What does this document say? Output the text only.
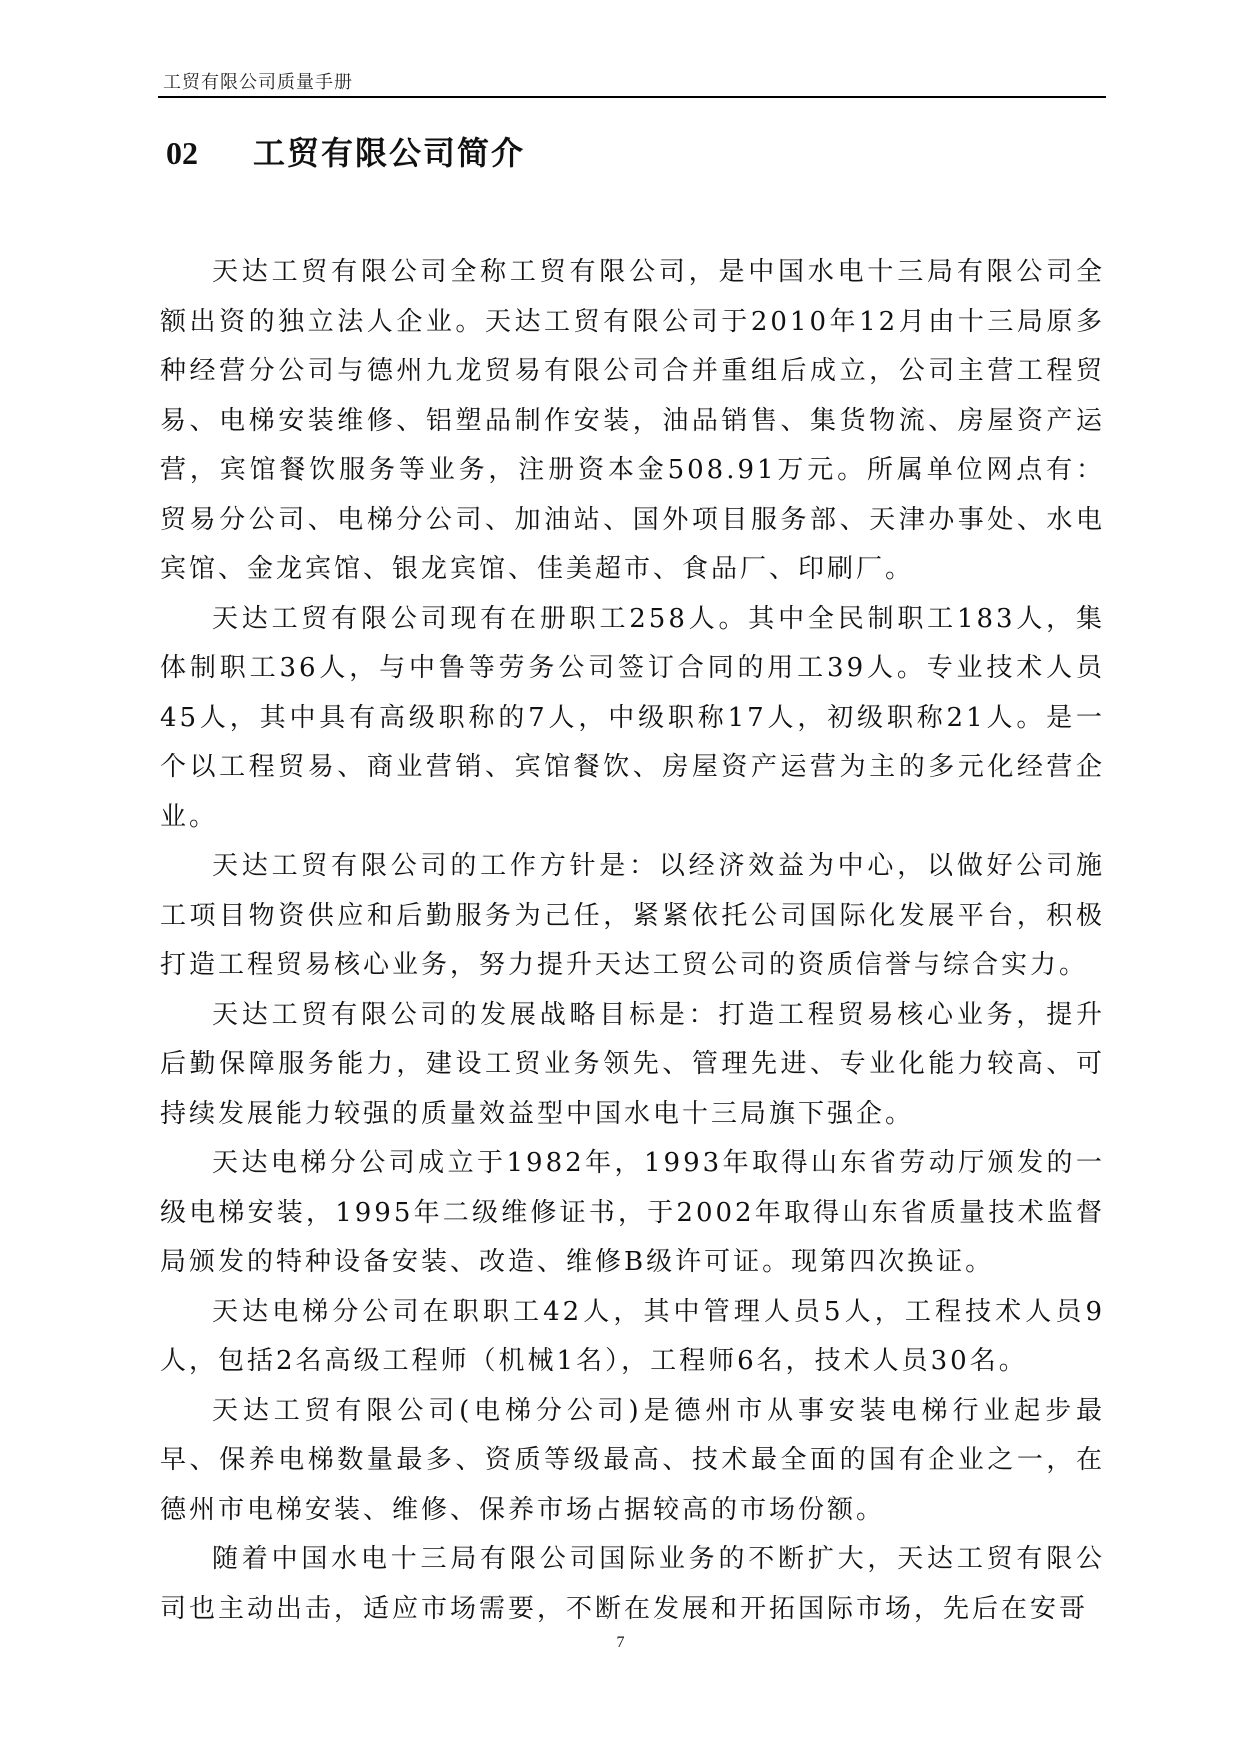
工贸有限公司质量手册
02 工贸有限公司简介

天达工贸有限公司全称工贸有限公司，是中国水电十三局有限公司全额出资的独立法人企业。天达工贸有限公司于2010年12月由十三局原多种经营分公司与德州九龙贸易有限公司合并重组后成立，公司主营工程贸易、电梯安装维修、铝塑品制作安装，油品销售、集货物流、房屋资产运营，宾馆餐饮服务等业务，注册资本金508.91万元。所属单位网点有：贸易分公司、电梯分公司、加油站、国外项目服务部、天津办事处、水电宾馆、金龙宾馆、银龙宾馆、佳美超市、食品厂、印刷厂。

天达工贸有限公司现有在册职工258人。其中全民制职工183人，集体制职工36人，与中鲁等劳务公司签订合同的用工39人。专业技术人员45人，其中具有高级职称的7人，中级职称17人，初级职称21人。是一个以工程贸易、商业营销、宾馆餐饮、房屋资产运营为主的多元化经营企业。

天达工贸有限公司的工作方针是：以经济效益为中心，以做好公司施工项目物资供应和后勤服务为己任，紧紧依托公司国际化发展平台，积极打造工程贸易核心业务，努力提升天达工贸公司的资质信誉与综合实力。

天达工贸有限公司的发展战略目标是：打造工程贸易核心业务，提升后勤保障服务能力，建设工贸业务领先、管理先进、专业化能力较高、可持续发展能力较强的质量效益型中国水电十三局旗下强企。

天达电梯分公司成立于1982年，1993年取得山东省劳动厅颁发的一级电梯安装，1995年二级维修证书，于2002年取得山东省质量技术监督局颁发的特种设备安装、改造、维修B级许可证。现第四次换证。

天达电梯分公司在职职工42人，其中管理人员5人，工程技术人员9人，包括2名高级工程师（机械1名），工程师6名，技术人员30名。

天达工贸有限公司(电梯分公司)是德州市从事安装电梯行业起步最早、保养电梯数量最多、资质等级最高、技术最全面的国有企业之一，在德州市电梯安装、维修、保养市场占据较高的市场份额。

随着中国水电十三局有限公司国际业务的不断扩大，天达工贸有限公司也主动出击，适应市场需要，不断在发展和开拓国际市场，先后在安哥

7
